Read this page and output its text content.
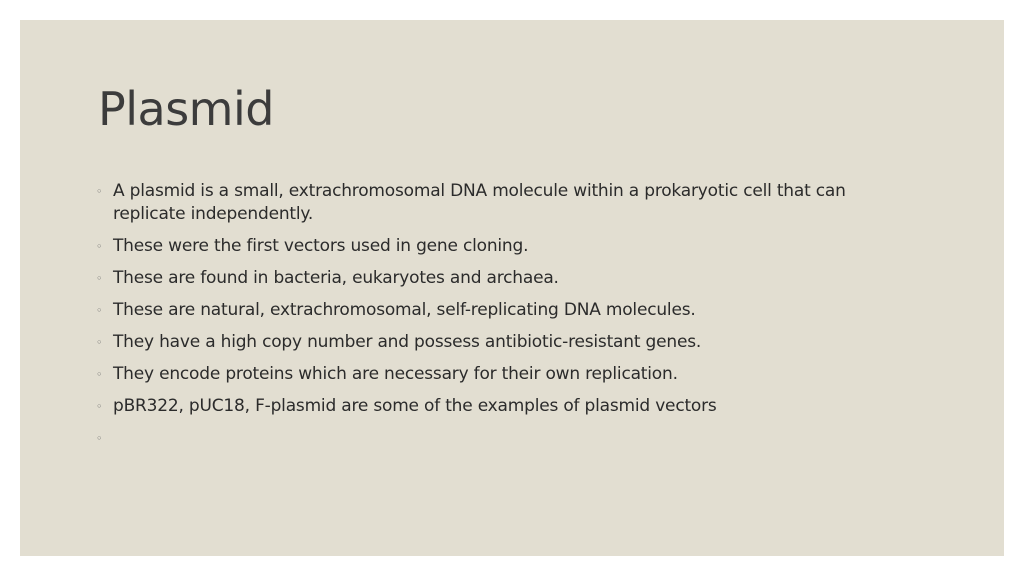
Plasmid
◦ A plasmid is a small, extrachromosomal DNA molecule within a prokaryotic cell that can replicate independently.
◦ These were the first vectors used in gene cloning.
◦ These are found in bacteria, eukaryotes and archaea.
◦ These are natural, extrachromosomal, self-replicating DNA molecules.
◦ They have a high copy number and possess antibiotic-resistant genes.
◦ They encode proteins which are necessary for their own replication.
◦ pBR322, pUC18, F-plasmid are some of the examples of plasmid vectors
◦
